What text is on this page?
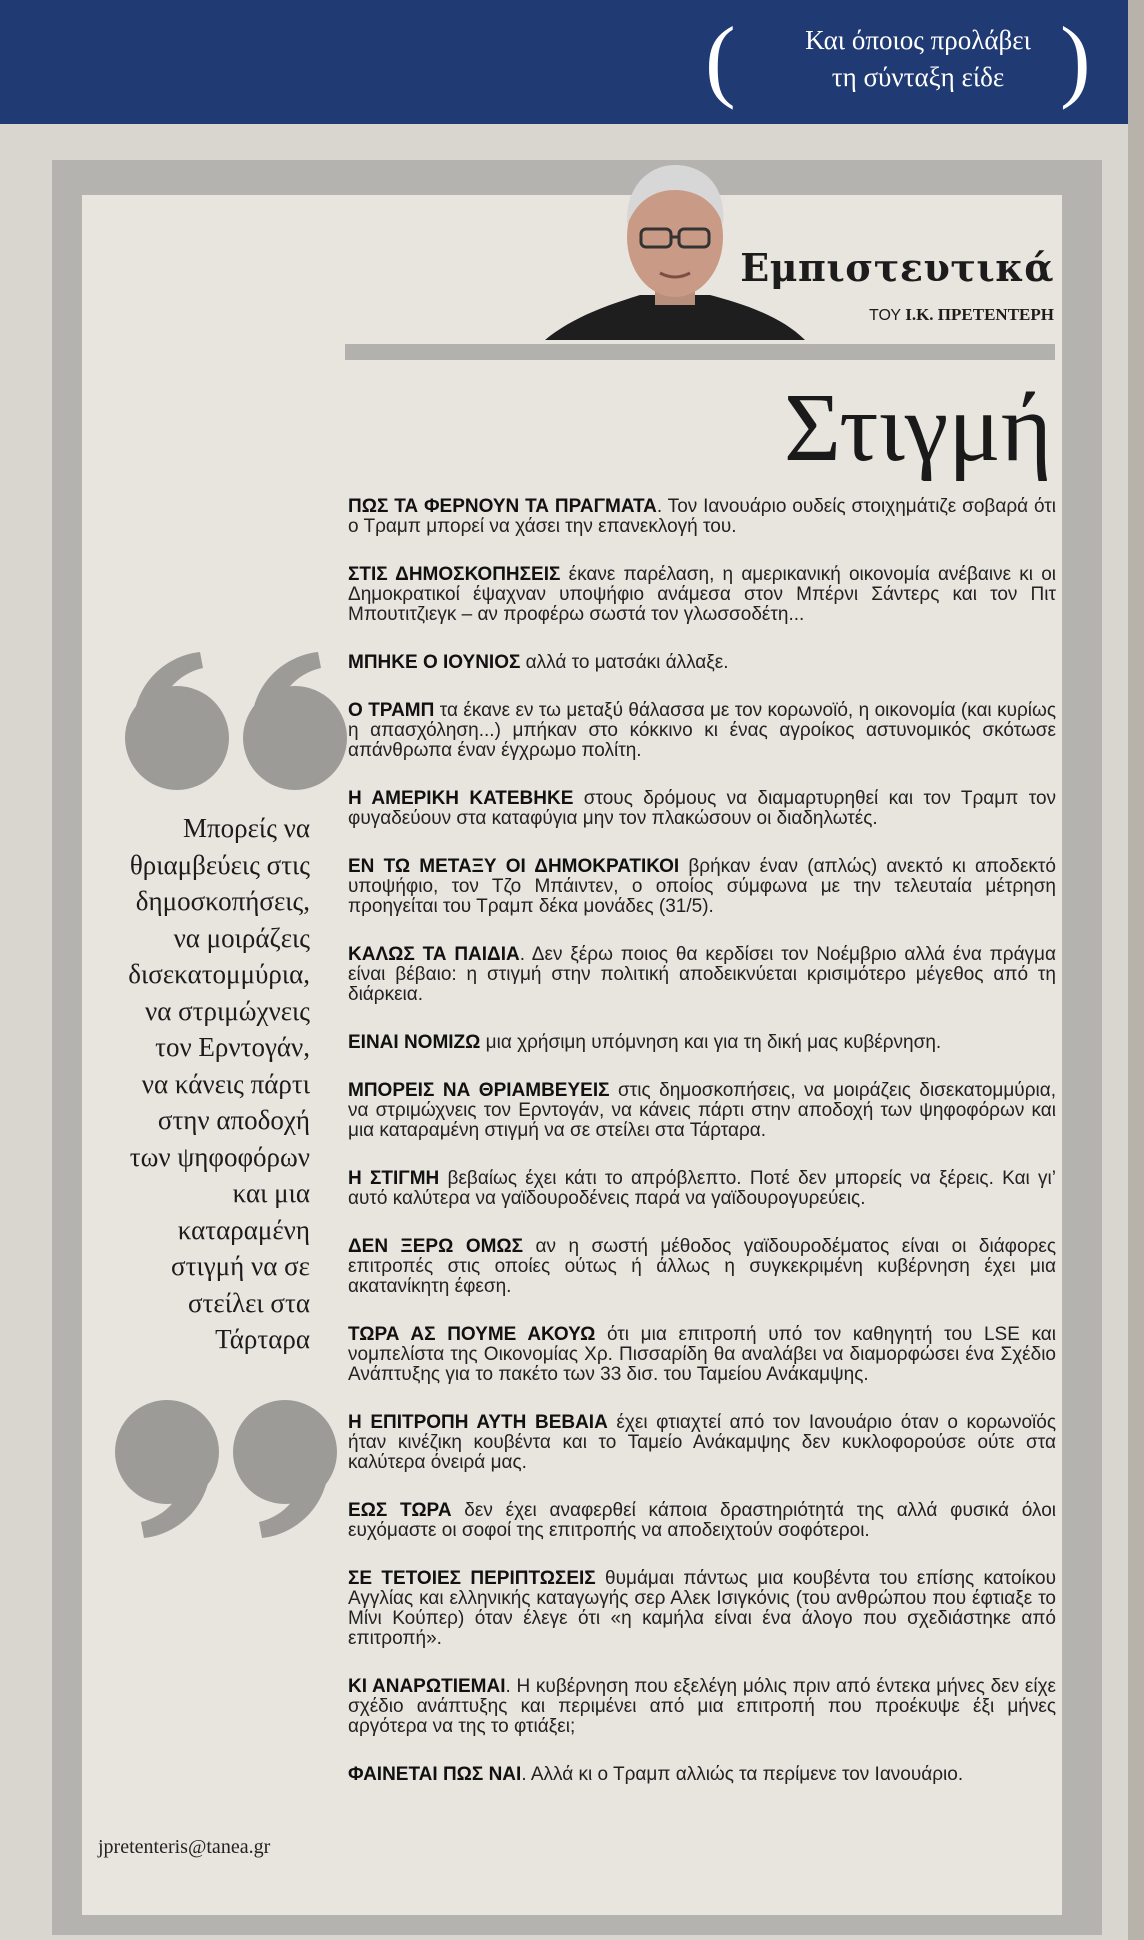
(	Και όποιος προλάβει
τη σύνταξη είδε )
Εμπιστευτικά
ΤΟΥ Ι.Κ. ΠΡΕΤΕΝΤΕΡΗ
Στιγμή
Μπορείς να
θριαμβεύεις στις
δημοσκοπήσεις,
να μοιράζεις
δισεκατομμύρια,
να στριμώχνεις
τον Ερντογάν,
να κάνεις πάρτι
στην αποδοχή
των ψηφοφόρων
και μια
καταραμένη
στιγμή να σε
στείλει στα
Τάρταρα
jpretenteris@tanea.gr

ΠΩΣ ΤΑ ΦΕΡΝΟΥΝ ΤΑ ΠΡΑΓΜΑΤΑ. Τον Ιανουάριο ουδείς στοιχημάτιζε σοβαρά ότι ο Τραμπ μπορεί να χάσει την επανεκλογή του.

ΣΤΙΣ ΔΗΜΟΣΚΟΠΗΣΕΙΣ έκανε παρέλαση, η αμερικανική οικονομία ανέβαινε κι οι Δημοκρατικοί έψαχναν υποψήφιο ανάμεσα στον Μπέρνι Σάντερς και τον Πιτ Μπουτιτζιεγκ – αν προφέρω σωστά τον γλωσσοδέτη...

ΜΠΗΚΕ Ο ΙΟΥΝΙΟΣ αλλά το ματσάκι άλλαξε.

Ο ΤΡΑΜΠ τα έκανε εν τω μεταξύ θάλασσα με τον κορωνοϊό, η οικονομία (και κυρίως η απασχόληση...) μπήκαν στο κόκκινο κι ένας αγροίκος αστυνομικός σκότωσε απάνθρωπα έναν έγχρωμο πολίτη.

Η ΑΜΕΡΙΚΗ ΚΑΤΕΒΗΚΕ στους δρόμους να διαμαρτυρηθεί και τον Τραμπ τον φυγαδεύουν στα καταφύγια μην τον πλακώσουν οι διαδηλωτές.

ΕΝ ΤΩ ΜΕΤΑΞΥ ΟΙ ΔΗΜΟΚΡΑΤΙΚΟΙ βρήκαν έναν (απλώς) ανεκτό κι αποδεκτό υποψήφιο, τον Τζο Μπάιντεν, ο οποίος σύμφωνα με την τελευταία μέτρηση προηγείται του Τραμπ δέκα μονάδες (31/5).

ΚΑΛΩΣ ΤΑ ΠΑΙΔΙΑ. Δεν ξέρω ποιος θα κερδίσει τον Νοέμβριο αλλά ένα πράγμα είναι βέβαιο: η στιγμή στην πολιτική αποδεικνύεται κρισιμότερο μέγεθος από τη διάρκεια.

ΕΙΝΑΙ ΝΟΜΙΖΩ μια χρήσιμη υπόμνηση και για τη δική μας κυβέρνηση.

ΜΠΟΡΕΙΣ ΝΑ ΘΡΙΑΜΒΕΥΕΙΣ στις δημοσκοπήσεις, να μοιράζεις δισεκατομμύρια, να στριμώχνεις τον Ερντογάν, να κάνεις πάρτι στην αποδοχή των ψηφοφόρων και μια καταραμένη στιγμή να σε στείλει στα Τάρταρα.

Η ΣΤΙΓΜΗ βεβαίως έχει κάτι το απρόβλεπτο. Ποτέ δεν μπορείς να ξέρεις. Και γι’ αυτό καλύτερα να γαϊδουροδένεις παρά να γαϊδουρογυρεύεις.

ΔΕΝ ΞΕΡΩ ΟΜΩΣ αν η σωστή μέθοδος γαϊδουροδέματος είναι οι διάφορες επιτροπές στις οποίες ούτως ή άλλως η συγκεκριμένη κυβέρνηση έχει μια ακατανίκητη έφεση.

ΤΩΡΑ ΑΣ ΠΟΥΜΕ ΑΚΟΥΩ ότι μια επιτροπή υπό τον καθηγητή του LSE και νομπελίστα της Οικονομίας Χρ. Πισσαρίδη θα αναλάβει να διαμορφώσει ένα Σχέδιο Ανάπτυξης για το πακέτο των 33 δισ. του Ταμείου Ανάκαμψης.

Η ΕΠΙΤΡΟΠΗ ΑΥΤΗ ΒΕΒΑΙΑ έχει φτιαχτεί από τον Ιανουάριο όταν ο κορωνοϊός ήταν κινέζικη κουβέντα και το Ταμείο Ανάκαμψης δεν κυκλοφορούσε ούτε στα καλύτερα όνειρά μας.

ΕΩΣ ΤΩΡΑ δεν έχει αναφερθεί κάποια δραστηριότητά της αλλά φυσικά όλοι ευχόμαστε οι σοφοί της επιτροπής να αποδειχτούν σοφότεροι.

ΣΕ ΤΕΤΟΙΕΣ ΠΕΡΙΠΤΩΣΕΙΣ θυμάμαι πάντως μια κουβέντα του επίσης κατοίκου Αγγλίας και ελληνικής καταγωγής σερ Αλεκ Ισιγκόνις (του ανθρώπου που έφτιαξε το Μίνι Κούπερ) όταν έλεγε ότι «η καμήλα είναι ένα άλογο που σχεδιάστηκε από επιτροπή».

ΚΙ ΑΝΑΡΩΤΙΕΜΑΙ. Η κυβέρνηση που εξελέγη μόλις πριν από έντεκα μήνες δεν είχε σχέδιο ανάπτυξης και περιμένει από μια επιτροπή που προέκυψε έξι μήνες αργότερα να της το φτιάξει;

ΦΑΙΝΕΤΑΙ ΠΩΣ ΝΑΙ. Αλλά κι ο Τραμπ αλλιώς τα περίμενε τον Ιανουάριο.
